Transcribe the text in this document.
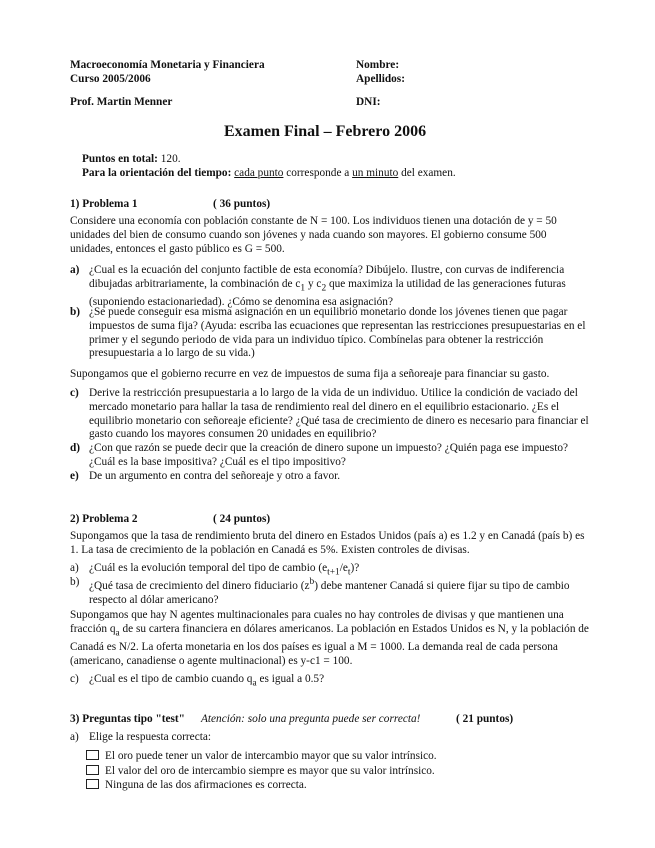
Macroeconomía Monetaria y Financiera
Curso 2005/2006
Prof. Martin Menner
Nombre:
Apellidos:
DNI:
Examen Final – Febrero 2006
Puntos en total: 120.
Para la orientación del tiempo: cada punto corresponde a un minuto del examen.
1) Problema 1	( 36 puntos)
Considere una economía con población constante de N = 100. Los individuos tienen una dotación de y = 50 unidades del bien de consumo cuando son jóvenes y nada cuando son mayores. El gobierno consume 500 unidades, entonces el gasto público es G = 500.
a) ¿Cual es la ecuación del conjunto factible de esta economía? Dibújelo. Ilustre, con curvas de indiferencia dibujadas arbitrariamente, la combinación de $c_1$ y $c_2$ que maximiza la utilidad de las generaciones futuras (suponiendo estacionariedad). ¿Cómo se denomina esa asignación?
b) ¿Se puede conseguir esa misma asignación en un equilibrio monetario donde los jóvenes tienen que pagar impuestos de suma fija? (Ayuda: escriba las ecuaciones que representan las restricciones presupuestarias en el primer y el segundo periodo de vida para un individuo típico. Combínelas para obtener la restricción presupuestaria a lo largo de su vida.)
Supongamos que el gobierno recurre en vez de impuestos de suma fija a señoreaje para financiar su gasto.
c) Derive la restricción presupuestaria a lo largo de la vida de un individuo. Utilice la condición de vaciado del mercado monetario para hallar la tasa de rendimiento real del dinero en el equilibrio estacionario. ¿Es el equilibrio monetario con señoreaje eficiente? ¿Qué tasa de crecimiento de dinero es necesario para financiar el gasto cuando los mayores consumen 20 unidades en equilibrio?
d) ¿Con que razón se puede decir que la creación de dinero supone un impuesto? ¿Quién paga ese impuesto? ¿Cuál es la base impositiva? ¿Cuál es el tipo impositivo?
e) De un argumento en contra del señoreaje y otro a favor.
2) Problema 2	( 24 puntos)
Supongamos que la tasa de rendimiento bruta del dinero en Estados Unidos (país a) es 1.2 y en Canadá (país b) es 1. La tasa de crecimiento de la población en Canadá es 5%. Existen controles de divisas.
a) ¿Cuál es la evolución temporal del tipo de cambio $(e_{t+1}/e_t)$?
b) ¿Qué tasa de crecimiento del dinero fiduciario $(z^b)$ debe mantener Canadá si quiere fijar su tipo de cambio respecto al dólar americano?
Supongamos que hay N agentes multinacionales para cuales no hay controles de divisas y que mantienen una fracción $q_a$ de su cartera financiera en dólares americanos. La población en Estados Unidos es N, y la población de Canadá es N/2. La oferta monetaria en los dos países es igual a M = 1000. La demanda real de cada persona (americano, canadiense o agente multinacional) es y-c1 = 100.
c) ¿Cual es el tipo de cambio cuando $q_a$ es igual a 0.5?
3) Preguntas tipo "test" Atención: solo una pregunta puede ser correcta!	( 21 puntos)
a) Elige la respuesta correcta:
El oro puede tener un valor de intercambio mayor que su valor intrínsico.
El valor del oro de intercambio siempre es mayor que su valor intrínsico.
Ninguna de las dos afirmaciones es correcta.
